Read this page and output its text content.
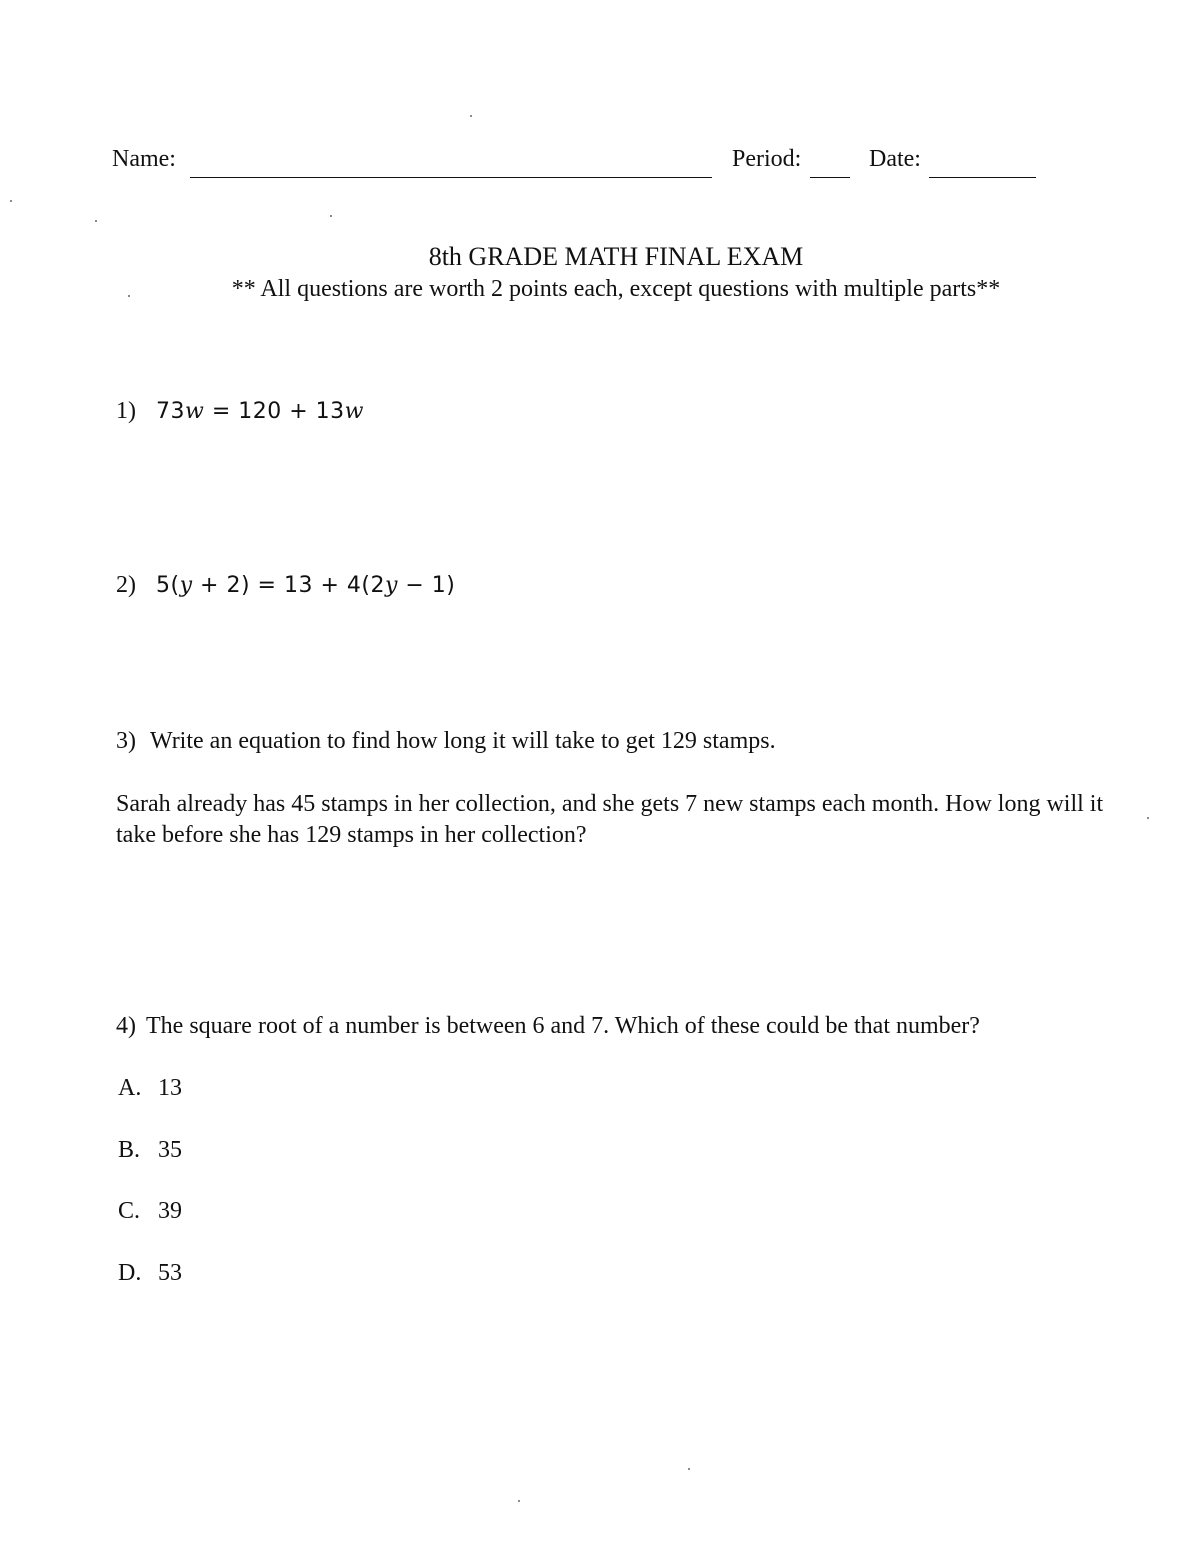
Name:	Period:	Date:
8th GRADE MATH FINAL EXAM
** All questions are worth 2 points each, except questions with multiple parts**
1) 73w = 120 + 13w
2) 5(y + 2) = 13 + 4(2y − 1)
3) Write an equation to find how long it will take to get 129 stamps.
Sarah already has 45 stamps in her collection, and she gets 7 new stamps each month. How long will it take before she has 129 stamps in her collection?
4) The square root of a number is between 6 and 7. Which of these could be that number?
A. 13
B. 35
C. 39
D. 53
